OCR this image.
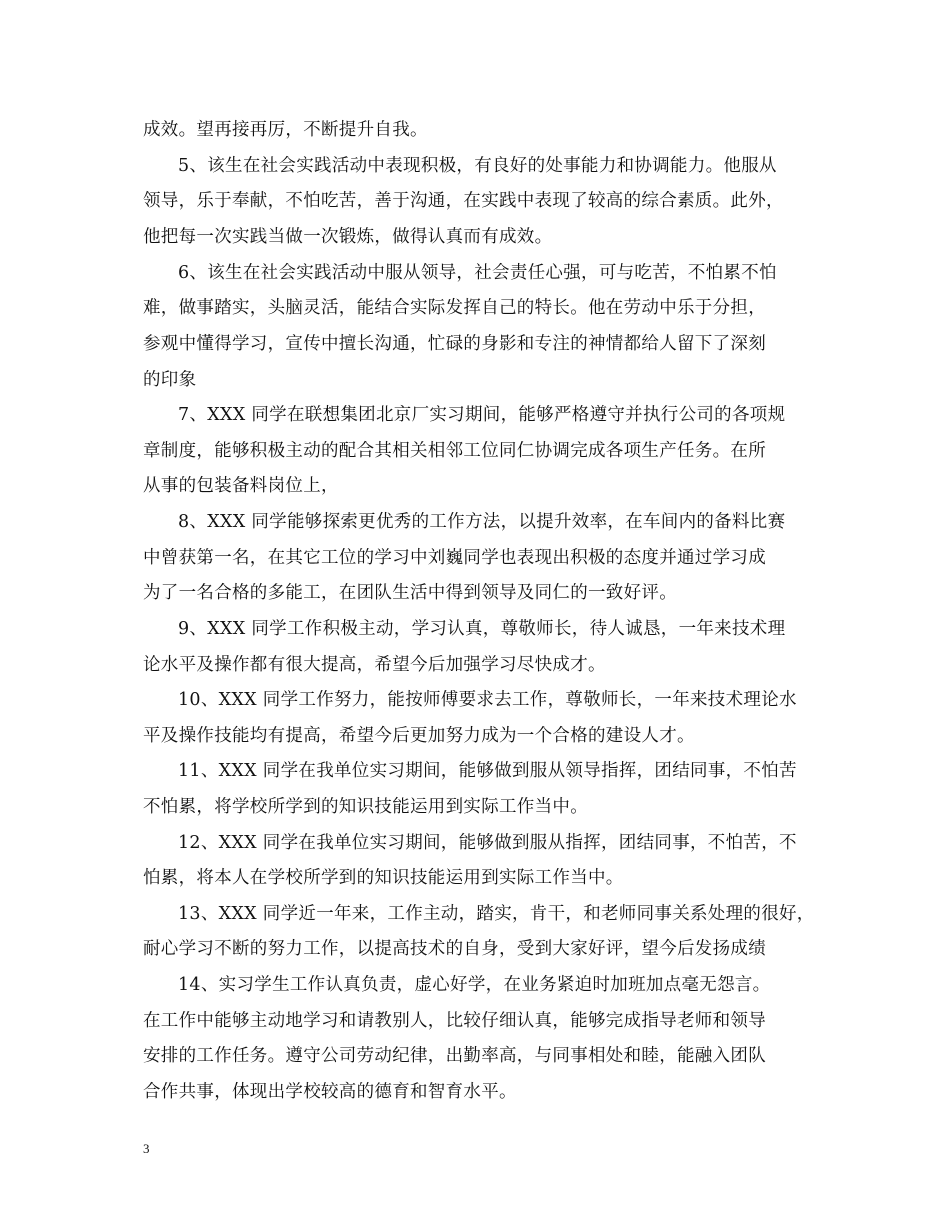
成效。望再接再厉，不断提升自我。
5、该生在社会实践活动中表现积极，有良好的处事能力和协调能力。他服从
领导，乐于奉献，不怕吃苦，善于沟通，在实践中表现了较高的综合素质。此外，
他把每一次实践当做一次锻炼，做得认真而有成效。
6、该生在社会实践活动中服从领导，社会责任心强，可与吃苦，不怕累不怕
难，做事踏实，头脑灵活，能结合实际发挥自己的特长。他在劳动中乐于分担，
参观中懂得学习，宣传中擅长沟通，忙碌的身影和专注的神情都给人留下了深刻
的印象
7、XXX 同学在联想集团北京厂实习期间，能够严格遵守并执行公司的各项规
章制度，能够积极主动的配合其相关相邻工位同仁协调完成各项生产任务。在所
从事的包装备料岗位上，
8、XXX 同学能够探索更优秀的工作方法，以提升效率，在车间内的备料比赛
中曾获第一名，在其它工位的学习中刘巍同学也表现出积极的态度并通过学习成
为了一名合格的多能工，在团队生活中得到领导及同仁的一致好评。
9、XXX 同学工作积极主动，学习认真，尊敬师长，待人诚恳，一年来技术理
论水平及操作都有很大提高，希望今后加强学习尽快成才。
10、XXX 同学工作努力，能按师傅要求去工作，尊敬师长，一年来技术理论水
平及操作技能均有提高，希望今后更加努力成为一个合格的建设人才。
11、XXX 同学在我单位实习期间，能够做到服从领导指挥，团结同事，不怕苦
不怕累，将学校所学到的知识技能运用到实际工作当中。
12、XXX 同学在我单位实习期间，能够做到服从指挥，团结同事，不怕苦，不
怕累，将本人在学校所学到的知识技能运用到实际工作当中。
13、XXX 同学近一年来，工作主动，踏实，肯干，和老师同事关系处理的很好，
耐心学习不断的努力工作，以提高技术的自身，受到大家好评，望今后发扬成绩
14、实习学生工作认真负责，虚心好学，在业务紧迫时加班加点毫无怨言。
在工作中能够主动地学习和请教别人，比较仔细认真，能够完成指导老师和领导
安排的工作任务。遵守公司劳动纪律，出勤率高，与同事相处和睦，能融入团队
合作共事，体现出学校较高的德育和智育水平。
3
